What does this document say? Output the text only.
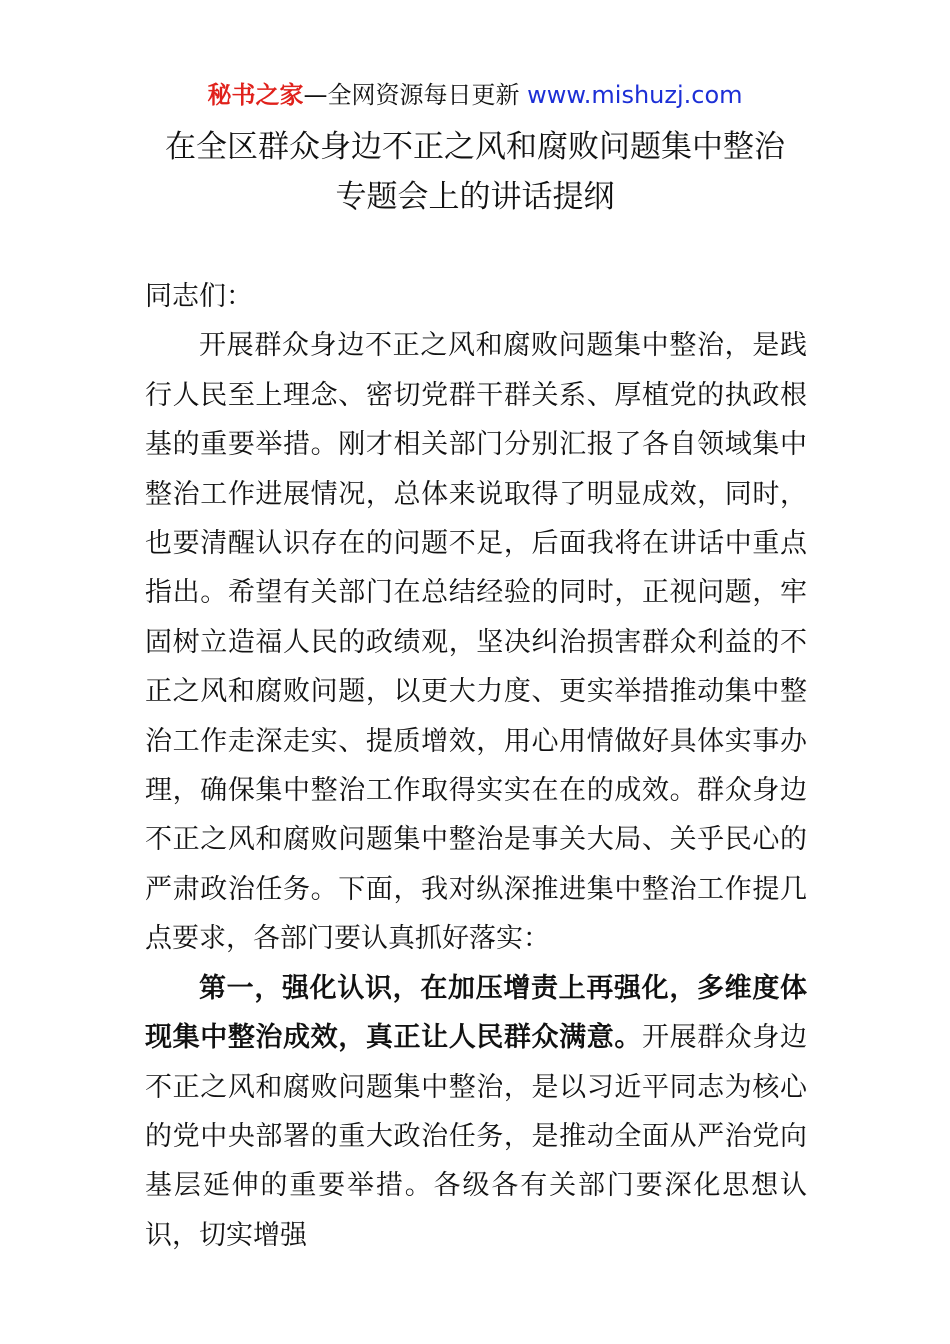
秘书之家—全网资源每日更新 www.mishuzj.com
在全区群众身边不正之风和腐败问题集中整治
专题会上的讲话提纲

同志们：

开展群众身边不正之风和腐败问题集中整治，是践行人民至上理念、密切党群干群关系、厚植党的执政根基的重要举措。刚才相关部门分别汇报了各自领域集中整治工作进展情况，总体来说取得了明显成效，同时，也要清醒认识存在的问题不足，后面我将在讲话中重点指出。希望有关部门在总结经验的同时，正视问题，牢固树立造福人民的政绩观，坚决纠治损害群众利益的不正之风和腐败问题，以更大力度、更实举措推动集中整治工作走深走实、提质增效，用心用情做好具体实事办理，确保集中整治工作取得实实在在的成效。群众身边不正之风和腐败问题集中整治是事关大局、关乎民心的严肃政治任务。下面，我对纵深推进集中整治工作提几点要求，各部门要认真抓好落实：

第一，强化认识，在加压增责上再强化，多维度体现集中整治成效，真正让人民群众满意。开展群众身边不正之风和腐败问题集中整治，是以习近平同志为核心的党中央部署的重大政治任务，是推动全面从严治党向基层延伸的重要举措。各级各有关部门要深化思想认识，切实增强
